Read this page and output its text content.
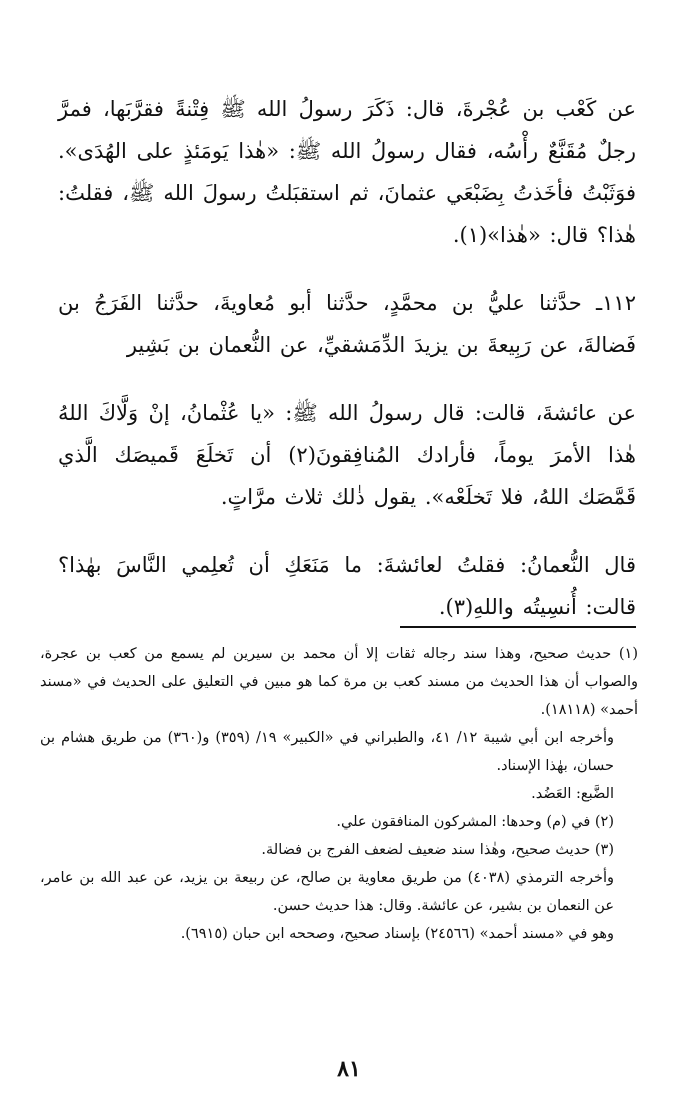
عن كَعْب بن عُجْرةَ، قال: ذَكَرَ رسولُ الله ﷺ فِتْنةً فقرَّبَها، فمرَّ رجلٌ مُقَنَّعٌ رأْسُه، فقال رسولُ الله ﷺ: «هٰذا يَومَئذٍ على الهُدَى». فوَثَبْتُ فأخَذتُ بِضَبْعَي عثمانَ، ثم استقبَلتُ رسولَ الله ﷺ، فقلتُ: هٰذا؟ قال: «هٰذا»(١).

١١٢ـ حدَّثنا عليُّ بن محمَّدٍ، حدَّثنا أبو مُعاويةَ، حدَّثنا الفَرَجُ بن فَضالةَ، عن رَبِيعةَ بن يزيدَ الدِّمَشقيِّ، عن النُّعمان بن بَشِير

عن عائشةَ، قالت: قال رسولُ الله ﷺ: «يا عُثْمانُ، إنْ وَلَّاكَ اللهُ هٰذا الأمرَ يوماً، فأرادك المُنافِقونَ(٢) أن تَخلَعَ قَميصَك الَّذي قَمَّصَك اللهُ، فلا تَخلَعْه». يقول ذٰلك ثلاث مرَّاتٍ.

قال النُّعمانُ: فقلتُ لعائشةَ: ما مَنَعَكِ أن تُعلِمي النَّاسَ بهٰذا؟ قالت: أُنسِيتُه واللهِ(٣).

(١) حديث صحيح، وهذا سند رجاله ثقات إلا أن محمد بن سيرين لم يسمع من كعب بن عجرة، والصواب أن هذا الحديث من مسند كعب بن مرة كما هو مبين في التعليق على الحديث في «مسند أحمد» (١٨١١٨).

وأخرجه ابن أبي شيبة ١٢/ ٤١، والطبراني في «الكبير» ١٩/ (٣٥٩) و(٣٦٠) من طريق هشام بن حسان، بهٰذا الإسناد.

الضَّبع: العَضُد.

(٢) في (م) وحدها: المشركون المنافقون علي.

(٣) حديث صحيح، وهٰذا سند ضعيف لضعف الفرج بن فضالة.

وأخرجه الترمذي (٤٠٣٨) من طريق معاوية بن صالح، عن ربيعة بن يزيد، عن عبد الله بن عامر، عن النعمان بن بشير، عن عائشة. وقال: هذا حديث حسن.

وهو في «مسند أحمد» (٢٤٥٦٦) بإسناد صحيح، وصححه ابن حبان (٦٩١٥).

٨١
